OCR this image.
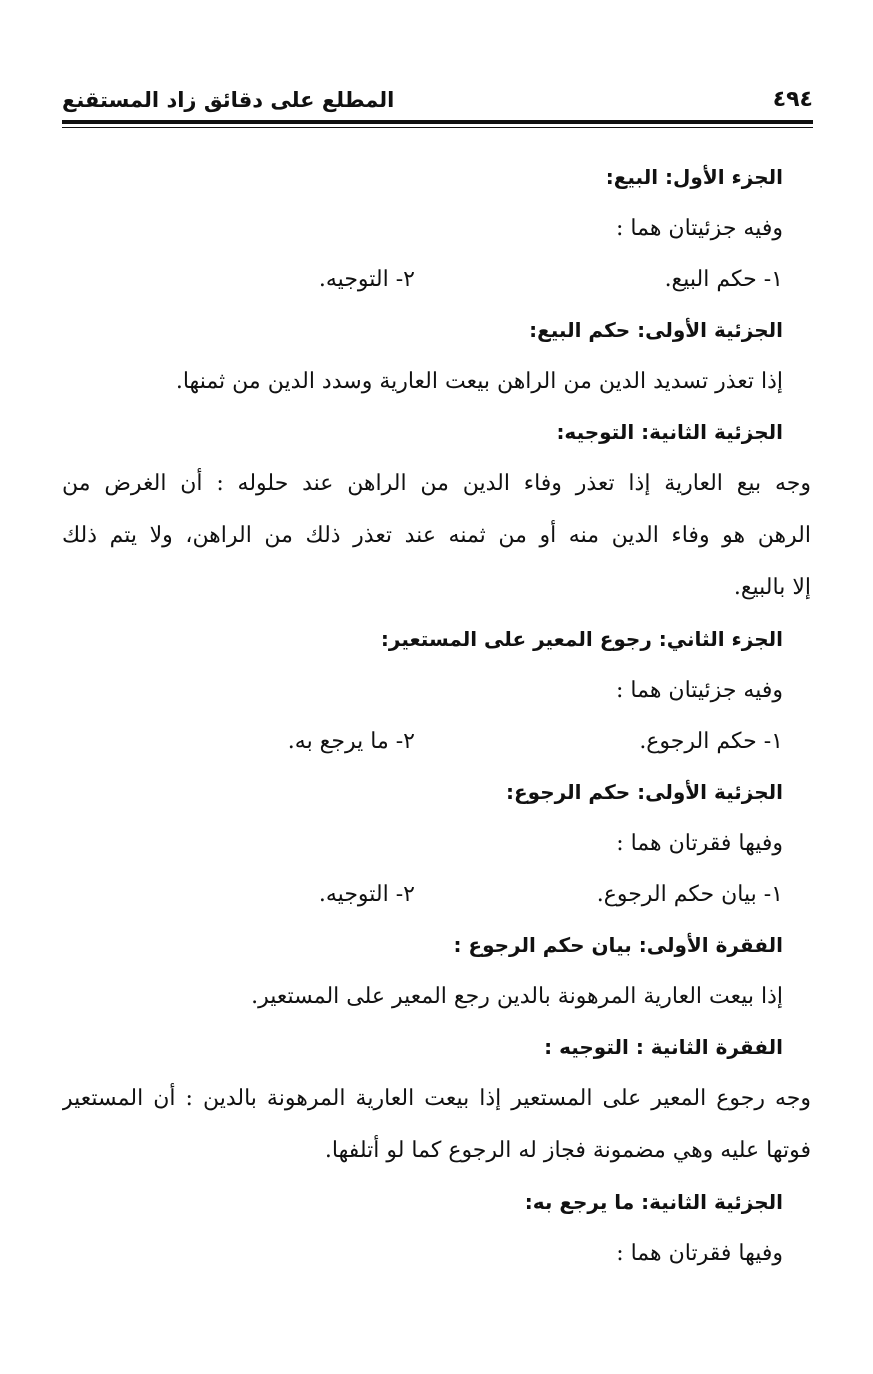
٤٩٤
المطلع على دقائق زاد المستقنع
الجزء الأول: البيع:
وفيه جزئيتان هما :
١- حكم البيع.
٢- التوجيه.
الجزئية الأولى: حكم البيع:
إذا تعذر تسديد الدين من الراهن بيعت العارية وسدد الدين من ثمنها.
الجزئية الثانية: التوجيه:
وجه بيع العارية إذا تعذر وفاء الدين من الراهن عند حلوله : أن الغرض من
الرهن هو وفاء الدين منه أو من ثمنه عند تعذر ذلك من الراهن، ولا يتم ذلك
إلا بالبيع.
الجزء الثاني: رجوع المعير على المستعير:
وفيه جزئيتان هما :
١- حكم الرجوع.
٢- ما يرجع به.
الجزئية الأولى: حكم الرجوع:
وفيها فقرتان هما :
١- بيان حكم الرجوع.
٢- التوجيه.
الفقرة الأولى: بيان حكم الرجوع :
إذا بيعت العارية المرهونة بالدين رجع المعير على المستعير.
الفقرة الثانية : التوجيه :
وجه رجوع المعير على المستعير إذا بيعت العارية المرهونة بالدين : أن المستعير
فوتها عليه وهي مضمونة فجاز له الرجوع كما لو أتلفها.
الجزئية الثانية: ما يرجع به:
وفيها فقرتان هما :
